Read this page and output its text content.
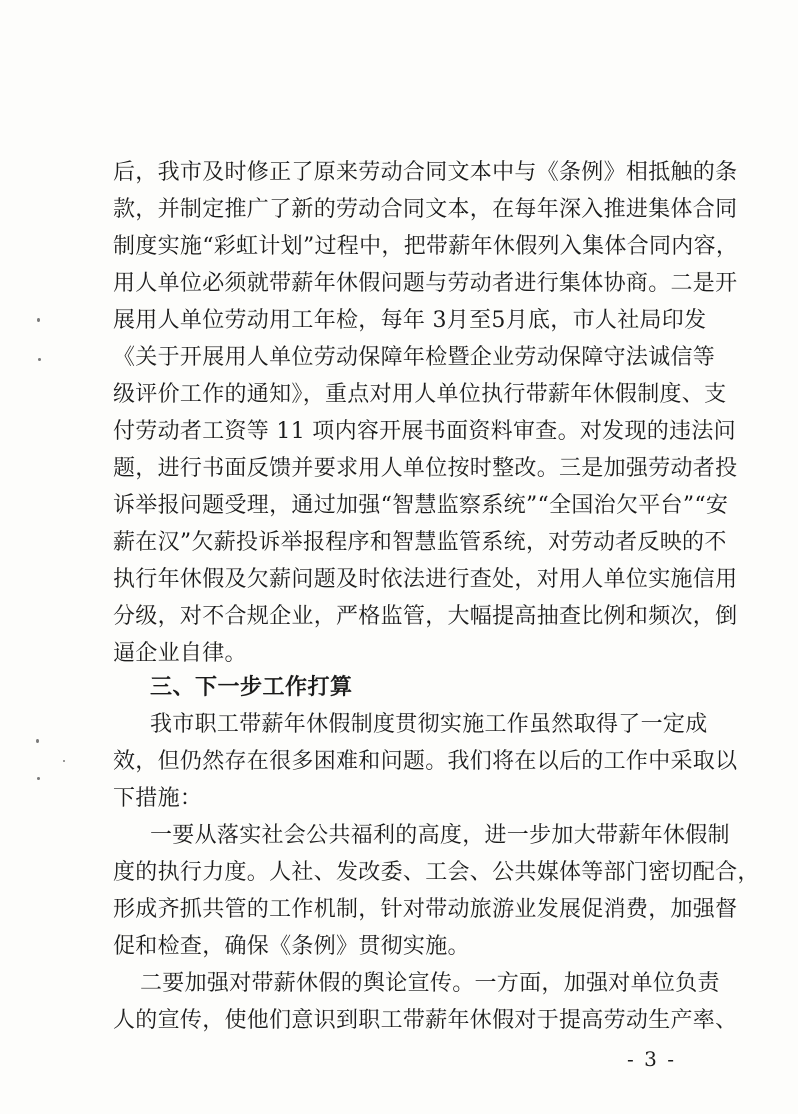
后，我市及时修正了原来劳动合同文本中与《条例》相抵触的条
款，并制定推广了新的劳动合同文本，在每年深入推进集体合同
制度实施“彩虹计划”过程中，把带薪年休假列入集体合同内容，
用人单位必须就带薪年休假问题与劳动者进行集体协商。二是开
展用人单位劳动用工年检，每年 3月至5月底，市人社局印发
《关于开展用人单位劳动保障年检暨企业劳动保障守法诚信等
级评价工作的通知》，重点对用人单位执行带薪年休假制度、支
付劳动者工资等 11 项内容开展书面资料审查。对发现的违法问
题，进行书面反馈并要求用人单位按时整改。三是加强劳动者投
诉举报问题受理，通过加强“智慧监察系统”“全国治欠平台”“安
薪在汉”欠薪投诉举报程序和智慧监管系统，对劳动者反映的不
执行年休假及欠薪问题及时依法进行查处，对用人单位实施信用
分级，对不合规企业，严格监管，大幅提高抽查比例和频次，倒
逼企业自律。
三、下一步工作打算
我市职工带薪年休假制度贯彻实施工作虽然取得了一定成
效，但仍然存在很多困难和问题。我们将在以后的工作中采取以
下措施：
一要从落实社会公共福利的高度，进一步加大带薪年休假制
度的执行力度。人社、发改委、工会、公共媒体等部门密切配合，
形成齐抓共管的工作机制，针对带动旅游业发展促消费，加强督
促和检查，确保《条例》贯彻实施。
二要加强对带薪休假的舆论宣传。一方面，加强对单位负责
人的宣传，使他们意识到职工带薪年休假对于提高劳动生产率、
- 3 -
